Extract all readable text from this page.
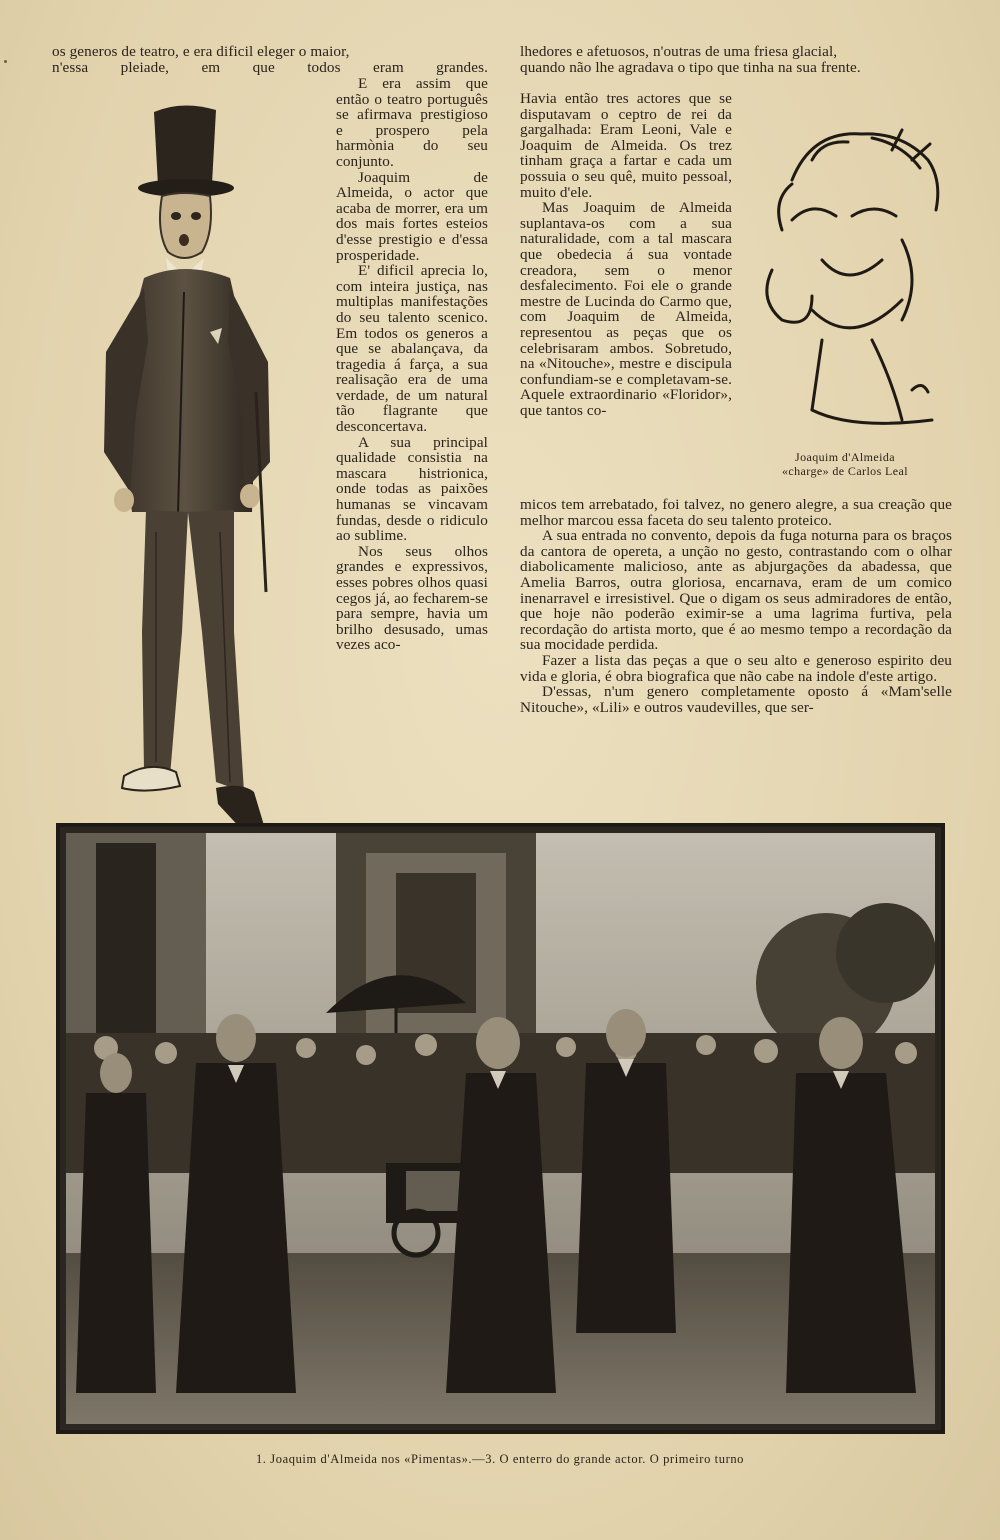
os generos de teatro, e era dificil eleger o maior,

n'essa pleiade, em que todos eram grandes.

E era assim que então o teatro português se afirmava prestigioso e prospero pela harmònia do seu conjunto.

Joaquim de Almeida, o actor que acaba de morrer, era um dos mais fortes esteios d'esse prestigio e d'essa prosperidade.

E' dificil aprecia lo, com inteira justiça, nas multiplas manifestações do seu talento scenico. Em todos os generos a que se abalançava, da tragedia á farça, a sua realisação era de uma verdade, de um natural tão flagrante que desconcertava.

A sua principal qualidade consistia na mascara histrionica, onde todas as paixões humanas se vincavam fundas, desde o ridiculo ao sublime.

Nos seus olhos grandes e expressivos, esses pobres olhos quasi cegos já, ao fecharem-se para sempre, havia um brilho desusado, umas vezes aco-

lhedores e afetuosos, n'outras de uma friesa glacial,

quando não lhe agradava o tipo que tinha na sua frente.

Havia então tres actores que se disputavam o ceptro de rei da gargalhada: Eram Leoni, Vale e Joaquim de Almeida. Os trez tinham graça a fartar e cada um possuia o seu quê, muito pessoal, muito d'ele.

Mas Joaquim de Almeida suplantava-os com a sua naturalidade, com a tal mascara que obedecia á sua vontade creadora, sem o menor desfalecimento. Foi ele o grande mestre de Lucinda do Carmo que, com Joaquim de Almeida, representou as peças que os celebrisaram ambos. Sobretudo, na «Nitouche», mestre e discipula confundiam-se e completavam-se. Aquele extraordinario «Floridor», que tantos co-

Joaquim d'Almeida
«charge» de Carlos Leal

micos tem arrebatado, foi talvez, no genero alegre, a sua creação que melhor marcou essa faceta do seu talento proteico.

A sua entrada no convento, depois da fuga noturna para os braços da cantora de opereta, a unção no gesto, contrastando com o olhar diabolicamente malicioso, ante as abjurgações da abadessa, que Amelia Barros, outra gloriosa, encarnava, eram de um comico inenarravel e irresistivel. Que o digam os seus admiradores de então, que hoje não poderão eximir-se a uma lagrima furtiva, pela recordação do artista morto, que é ao mesmo tempo a recordação da sua mocidade perdida.

Fazer a lista das peças a que o seu alto e generoso espirito deu vida e gloria, é obra biografica que não cabe na indole d'este artigo.

D'essas, n'um genero completamente oposto á «Mam'selle Nitouche», «Lili» e outros vaudevilles, que ser-

1. Joaquim d'Almeida nos «Pimentas».—3. O enterro do grande actor. O primeiro turno
